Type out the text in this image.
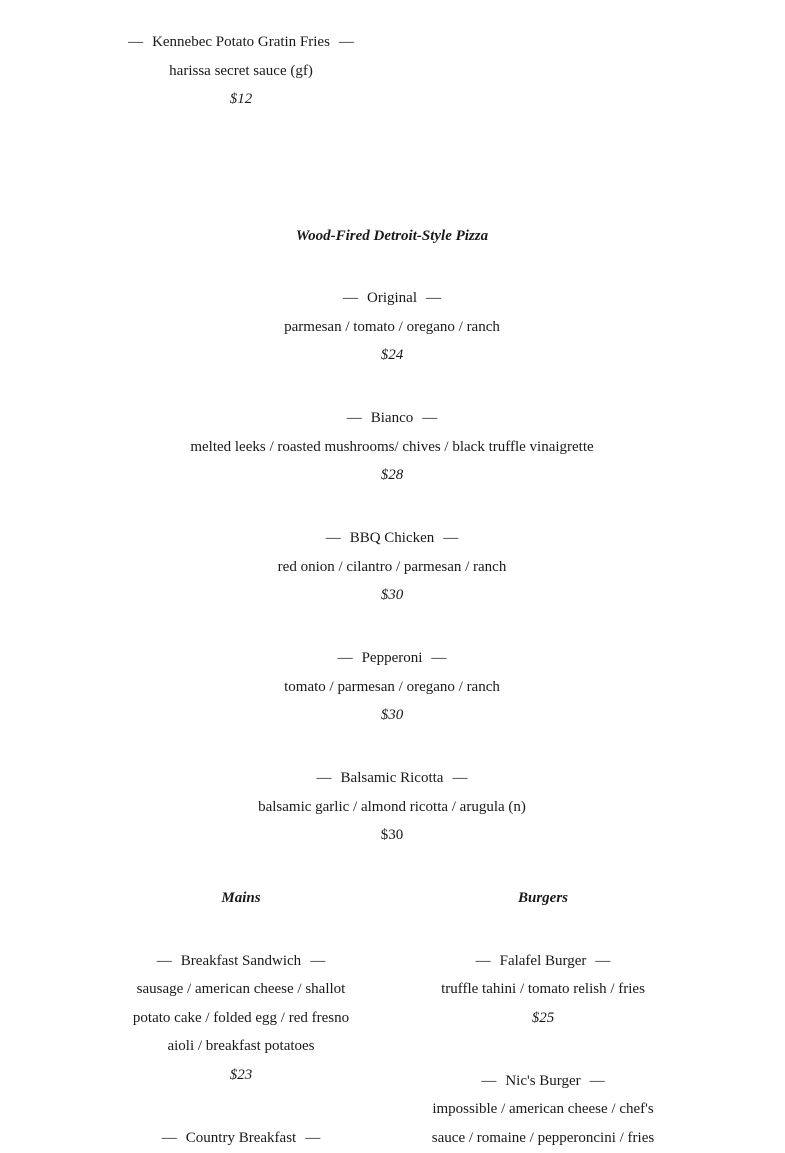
— Kennebec Potato Gratin Fries —
harissa secret sauce (gf)
$12
Wood-Fired Detroit-Style Pizza
— Original —
parmesan / tomato / oregano / ranch
$24
— Bianco —
melted leeks / roasted mushrooms/ chives / black truffle vinaigrette
$28
— BBQ Chicken —
red onion / cilantro / parmesan / ranch
$30
— Pepperoni —
tomato / parmesan / oregano / ranch
$30
— Balsamic Ricotta —
balsamic garlic / almond ricotta / arugula (n)
$30
Mains
— Breakfast Sandwich —
sausage / american cheese / shallot
potato cake / folded egg / red fresno
aioli / breakfast potatoes
$23
— Country Breakfast —
Burgers
— Falafel Burger —
truffle tahini / tomato relish / fries
$25
— Nic's Burger —
impossible / american cheese / chef's
sauce / romaine / pepperoncini / fries
